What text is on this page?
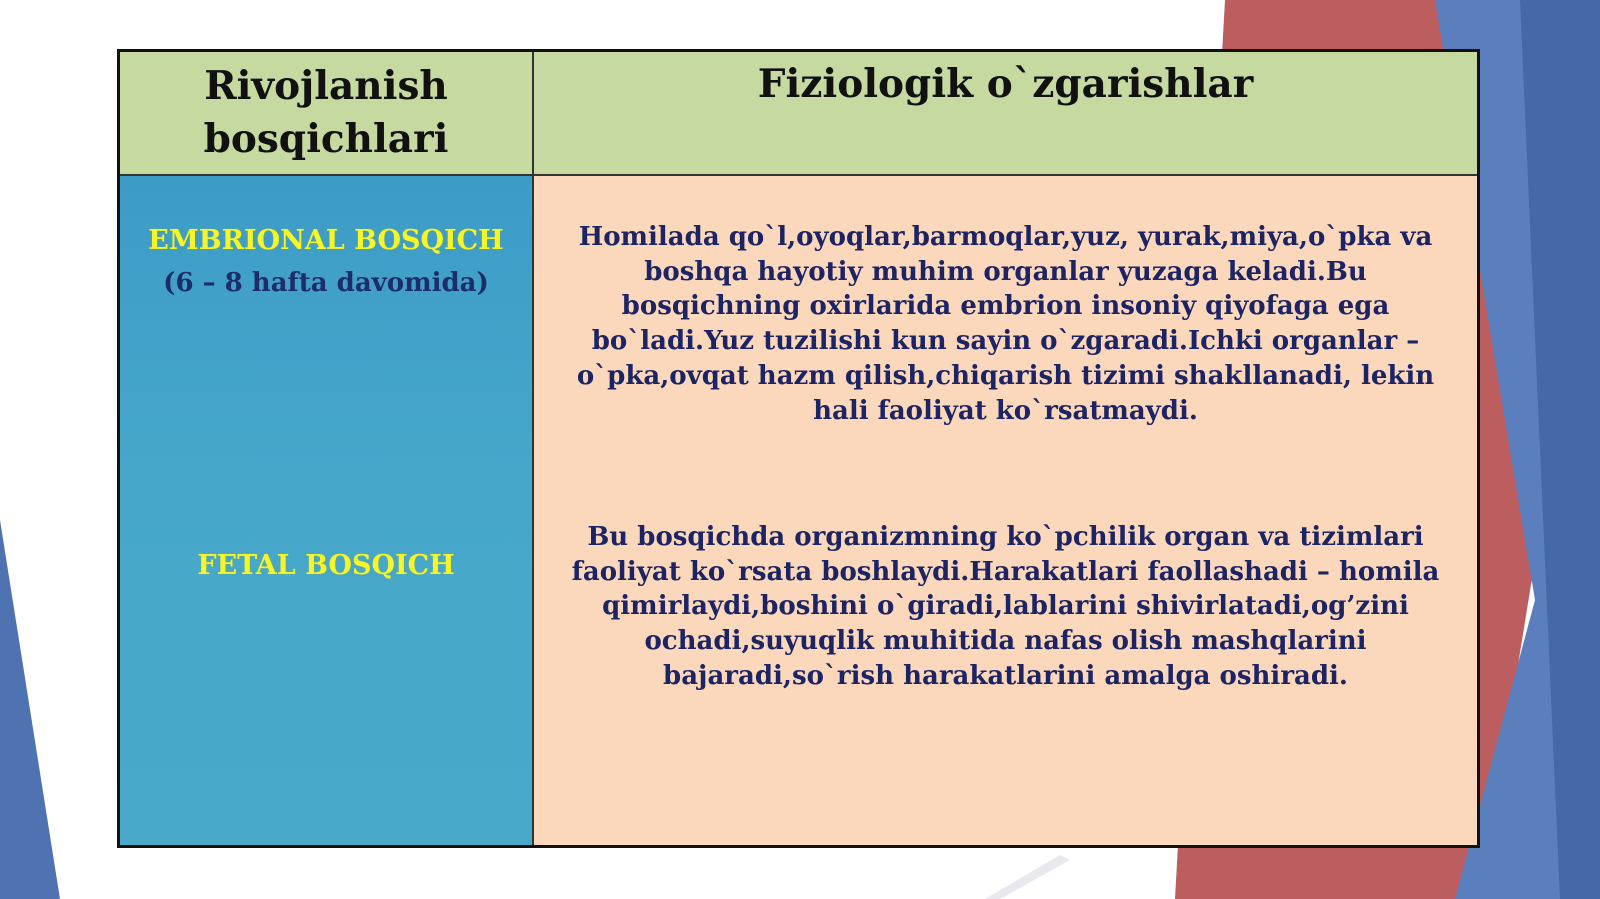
Rivojlanish bosqichlari
Fiziologik o`zgarishlar
EMBRIONAL BOSQICH
(6 – 8 hafta davomida)
FETAL BOSQICH
Homilada qo`l,oyoqlar,barmoqlar,yuz, yurak,miya,o`pka va boshqa hayotiy muhim organlar yuzaga keladi.Bu bosqichning oxirlarida embrion insoniy qiyofaga ega bo`ladi.Yuz tuzilishi kun sayin o`zgaradi.Ichki organlar – o`pka,ovqat hazm qilish,chiqarish tizimi shakllanadi, lekin hali faoliyat ko`rsatmaydi.
Bu bosqichda organizmning ko`pchilik organ va tizimlari faoliyat ko`rsata boshlaydi.Harakatlari faollashadi – homila qimirlaydi,boshini o`giradi,lablarini shivirlatadi,og’zini ochadi,suyuqlik muhitida nafas olish mashqlarini bajaradi,so`rish harakatlarini amalga oshiradi.
